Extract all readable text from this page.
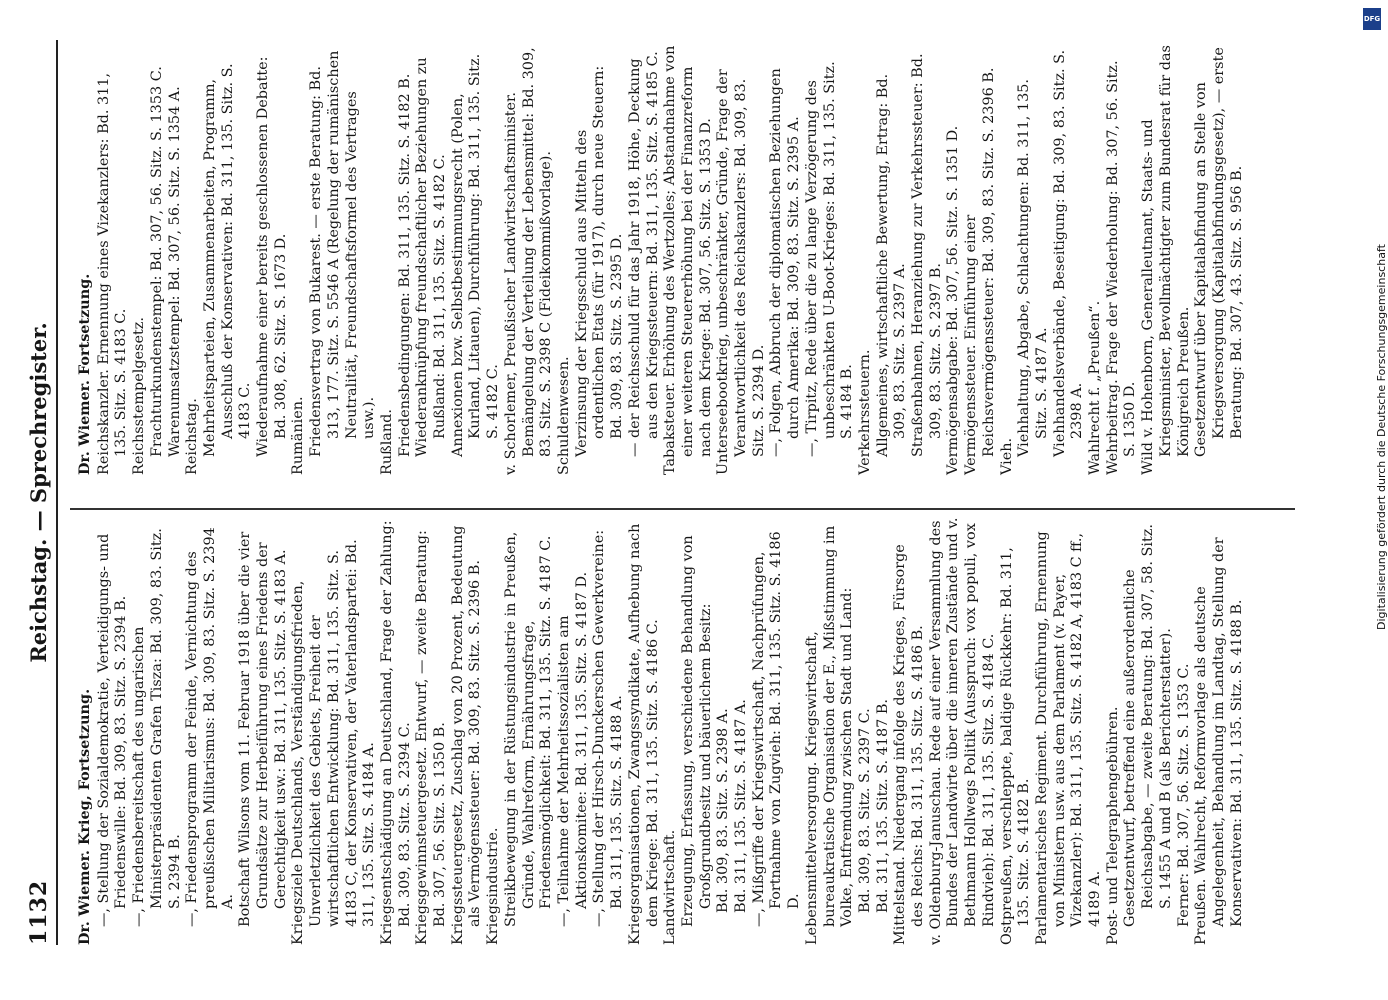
1132
Reichstag. — Sprechregister.

Dr. Wiemer. Krieg, Fortsetzung. —, Stellung der Sozialdemokratie, Verteidigungs- und Friedenswille: Bd. 309, 83. Sitz. S. 2394 B. —, Friedensbereitschaft des ungarischen Ministerpräsidenten Grafen Tisza: Bd. 309, 83. Sitz. S. 2394 B. —, Friedensprogramm der Feinde, Vernichtung des preußischen Militarismus: Bd. 309, 83. Sitz. S. 2394 A. Botschaft Wilsons vom 11. Februar 1918 über die vier Grundsätze zur Herbeiführung eines Friedens der Gerechtigkeit usw.: Bd. 311, 135. Sitz. S. 4183 A. Kriegsziele Deutschlands, Verständigungsfrieden, Unverletzlichkeit des Gebiets, Freiheit der wirtschaftlichen Entwicklung: Bd. 311, 135. Sitz. S. 4183 C, der Konservativen, der Vaterlandspartei: Bd. 311, 135. Sitz. S. 4184 A. Kriegsentschädigung an Deutschland, Frage der Zahlung: Bd. 309, 83. Sitz. S. 2394 C. Kriegsgewinnsteuergesetz. Entwurf, — zweite Beratung: Bd. 307, 56. Sitz. S. 1350 B. Kriegssteuergesetz, Zuschlag von 20 Prozent, Bedeutung als Vermögenssteuer: Bd. 309, 83. Sitz. S. 2396 B. Kriegsindustrie. Streikbewegung in der Rüstungsindustrie in Preußen, Gründe, Wahlreform, Ernährungsfrage, Friedensmöglichkeit: Bd. 311, 135. Sitz. S. 4187 C. —, Teilnahme der Mehrheitssozialisten am Aktionskomitee: Bd. 311, 135. Sitz. S. 4187 D. —, Stellung der Hirsch-Dunckerschen Gewerkvereine: Bd. 311, 135. Sitz. S. 4188 A. Kriegsorganisationen, Zwangssyndikate, Aufhebung nach dem Kriege: Bd. 311, 135. Sitz. S. 4186 C. Landwirtschaft. Erzeugung, Erfassung, verschiedene Behandlung von Großgrundbesitz und bäuerlichem Besitz: Bd. 309, 83. Sitz. S. 2398 A. Bd. 311, 135. Sitz. S. 4187 A. —, Mißgriffe der Kriegswirtschaft, Nachprüfungen, Fortnahme von Zugvieh: Bd. 311, 135. Sitz. S. 4186 D. Lebensmittelversorgung. Kriegswirtschaft, bureaukratische Organisation der E., Mißstimmung im Volke, Entfremdung zwischen Stadt und Land: Bd. 309, 83. Sitz. S. 2397 C. Bd. 311, 135. Sitz. S. 4187 B. Mittelstand. Niedergang infolge des Krieges, Fürsorge des Reichs: Bd. 311, 135. Sitz. S. 4186 B. v. Oldenburg-Januschau. Rede auf einer Versammlung des Bundes der Landwirte über die inneren Zustände und v. Bethmann Hollwegs Politik (Ausspruch: vox populi, vox Rindvieh): Bd. 311, 135. Sitz. S. 4184 C. Ostpreußen, verschleppte, baldige Rückkehr: Bd. 311, 135. Sitz. S. 4182 B. Parlamentarisches Regiment. Durchführung, Ernennung von Ministern usw. aus dem Parlament (v. Payer, Vizekanzler): Bd. 311, 135. Sitz. S. 4182 A, 4183 C ff., 4189 A. Post- und Telegraphengebühren. Gesetzentwurf, betreffend eine außerordentliche Reichsabgabe, — zweite Beratung: Bd. 307, 58. Sitz. S. 1455 A und B (als Berichterstatter). Ferner: Bd. 307, 56. Sitz. S. 1353 C. Preußen. Wahlrecht, Reformvorlage als deutsche Angelegenheit, Behandlung im Landtag, Stellung der Konservativen: Bd. 311, 135. Sitz. S. 4188 B.

Dr. Wiemer. Fortsetzung. Reichskanzler. Ernennung eines Vizekanzlers: Bd. 311, 135. Sitz. S. 4183 C. Reichsstempelgesetz. Frachturkundenstempel: Bd. 307, 56. Sitz. S. 1353 C. Warenumsatzstempel: Bd. 307, 56. Sitz. S. 1354 A. Reichstag. Mehrheitsparteien, Zusammenarbeiten, Programm, Ausschluß der Konservativen: Bd. 311, 135. Sitz. S. 4183 C. Wiederaufnahme einer bereits geschlossenen Debatte: Bd. 308, 62. Sitz. S. 1673 D. Rumänien. Friedensvertrag von Bukarest. — erste Beratung: Bd. 313, 177. Sitz. S. 5546 A (Regelung der rumänischen Neutralität, Freundschaftsformel des Vertrages usw.). Rußland. Friedensbedingungen: Bd. 311, 135. Sitz. S. 4182 B. Wiederanknüpfung freundschaftlicher Beziehungen zu Rußland: Bd. 311, 135. Sitz. S. 4182 C. Annexionen bzw. Selbstbestimmungsrecht (Polen, Kurland, Litauen), Durchführung: Bd. 311, 135. Sitz. S. 4182 C. v. Schorlemer, Preußischer Landwirtschaftsminister. Bemängelung der Verteilung der Lebensmittel: Bd. 309, 83. Sitz. S. 2398 C (Fideikommißvorlage). Schuldenwesen. Verzinsung der Kriegsschuld aus Mitteln des ordentlichen Etats (für 1917), durch neue Steuern: Bd. 309, 83. Sitz. S. 2395 D. — der Reichsschuld für das Jahr 1918, Höhe, Deckung aus den Kriegssteuern: Bd. 311, 135. Sitz. S. 4185 C. Tabaksteuer. Erhöhung des Wertzolles; Abstandnahme von einer weiteren Steuererhöhung bei der Finanzreform nach dem Kriege: Bd. 307, 56. Sitz. S. 1353 D. Unterseebootkrieg, unbeschränkter, Gründe, Frage der Verantwortlichkeit des Reichskanzlers: Bd. 309, 83. Sitz. S. 2394 D. —, Folgen, Abbruch der diplomatischen Beziehungen durch Amerika: Bd. 309, 83. Sitz. S. 2395 A. —, Tirpitz, Rede über die zu lange Verzögerung des unbeschränkten U-Boot-Krieges: Bd. 311, 135. Sitz. S. 4184 B. Verkehrssteuern. Allgemeines, wirtschaftliche Bewertung, Ertrag: Bd. 309, 83. Sitz. S. 2397 A. Straßenbahnen, Heranziehung zur Verkehrssteuer: Bd. 309, 83. Sitz. S. 2397 B. Vermögensabgabe: Bd. 307, 56. Sitz. S. 1351 D. Vermögenssteuer. Einführung einer Reichsvermögenssteuer: Bd. 309, 83. Sitz. S. 2396 B. Vieh. Viehhaltung, Abgabe, Schlachtungen: Bd. 311, 135. Sitz. S. 4187 A. Viehhandelsverbände, Beseitigung: Bd. 309, 83. Sitz. S. 2398 A. Wahlrecht f. „Preußen“. Wehrbeitrag. Frage der Wiederholung: Bd. 307, 56. Sitz. S. 1350 D. Wild v. Hohenborn, Generalleutnant, Staats- und Kriegsminister, Bevollmächtigter zum Bundesrat für das Königreich Preußen. Gesetzentwurf über Kapitalabfindung an Stelle von Kriegsversorgung (Kapitalabfindungsgesetz), — erste Beratung: Bd. 307, 43. Sitz. S. 956 B.

DFG
Digitalisierung gefördert durch die Deutsche Forschungsgemeinschaft
